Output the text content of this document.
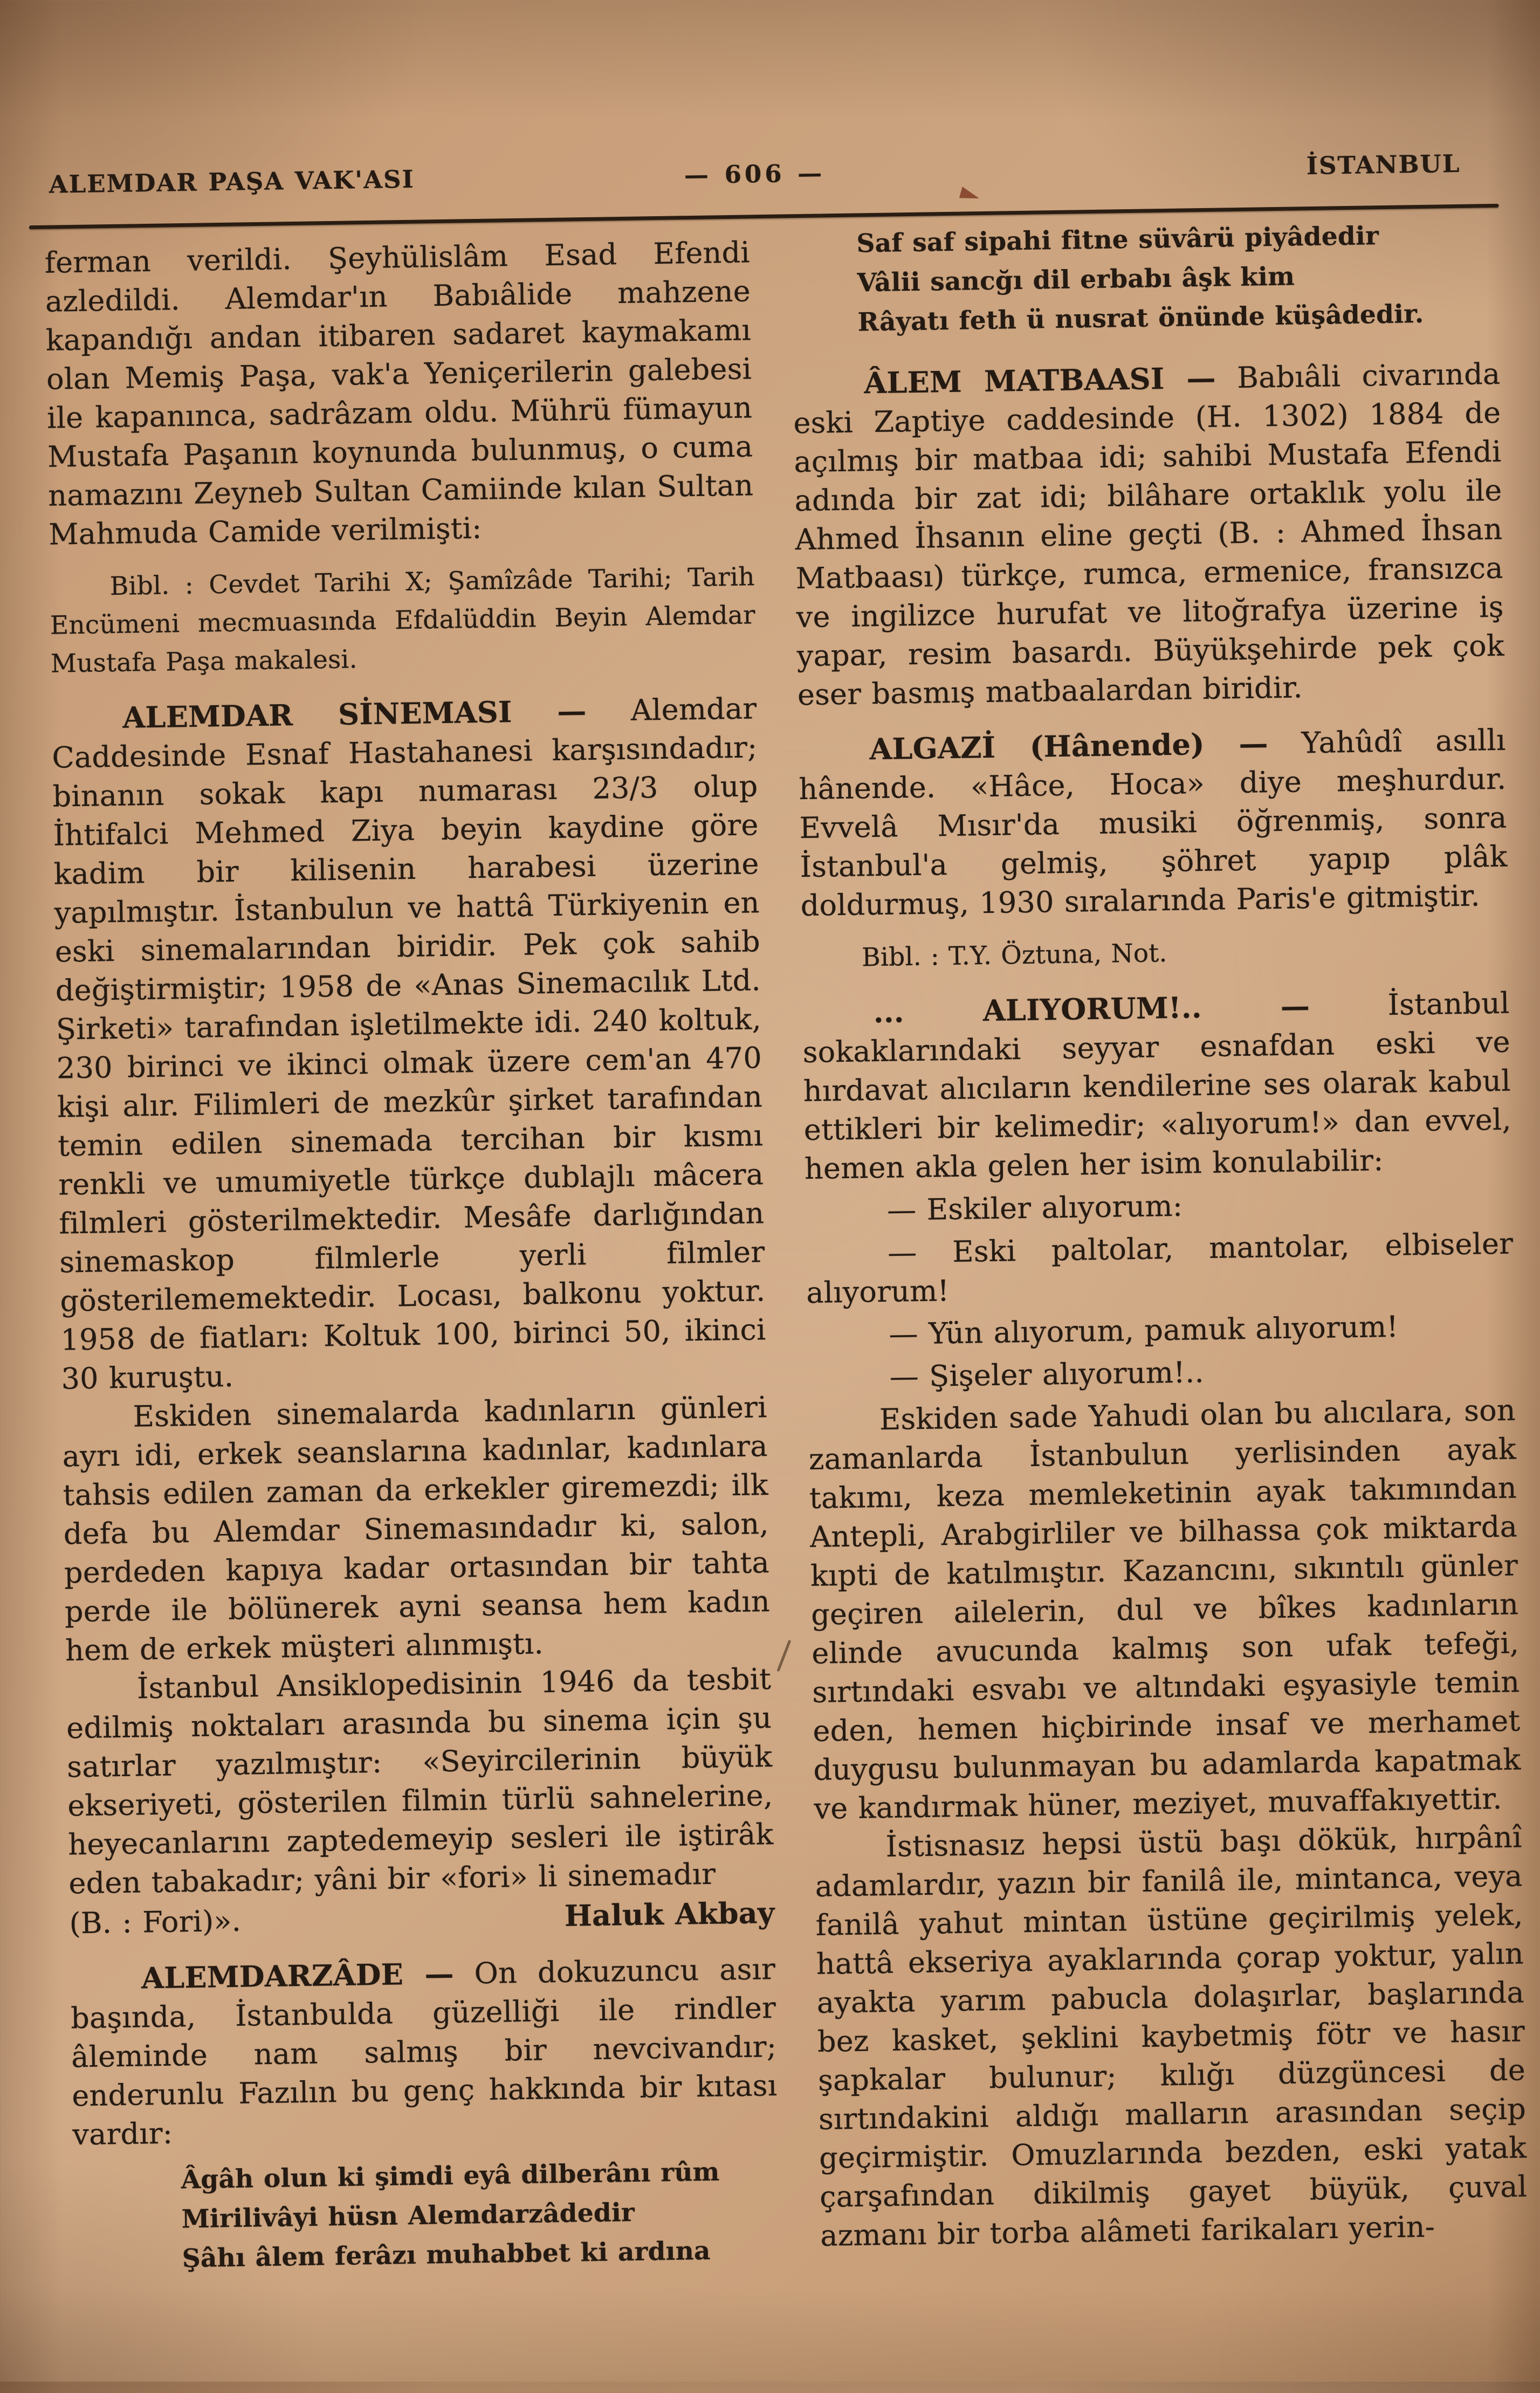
ALEMDAR PAŞA VAK'ASI	— 606 —	İSTANBUL

ferman verildi. Şeyhülislâm Esad Efendi azledildi. Alemdar'ın Babıâlide mahzene kapandığı andan itibaren sadaret kaymakamı olan Memiş Paşa, vak'a Yeniçerilerin galebesi ile kapanınca, sadrâzam oldu. Mührü fümayun Mustafa Paşanın koynunda bulunmuş, o cuma namazını Zeyneb Sultan Camiinde kılan Sultan Mahmuda Camide verilmişti:

Bibl. : Cevdet Tarihi X; Şamîzâde Tarihi; Tarih Encümeni mecmuasında Efdalüddin Beyin Alemdar Mustafa Paşa makalesi.

ALEMDAR SİNEMASI — Alemdar Caddesinde Esnaf Hastahanesi karşısındadır; binanın sokak kapı numarası 23/3 olup İhtifalci Mehmed Ziya beyin kaydine göre kadim bir kilisenin harabesi üzerine yapılmıştır. İstanbulun ve hattâ Türkiyenin en eski sinemalarından biridir. Pek çok sahib değiştirmiştir; 1958 de «Anas Sinemacılık Ltd. Şirketi» tarafından işletilmekte idi. 240 koltuk, 230 birinci ve ikinci olmak üzere cem'an 470 kişi alır. Filimleri de mezkûr şirket tarafından temin edilen sinemada tercihan bir kısmı renkli ve umumiyetle türkçe dublajlı mâcera filmleri gösterilmektedir. Mesâfe darlığından sinemaskop filmlerle yerli filmler gösterilememektedir. Locası, balkonu yoktur. 1958 de fiatları: Koltuk 100, birinci 50, ikinci 30 kuruştu.

Eskiden sinemalarda kadınların günleri ayrı idi, erkek seanslarına kadınlar, kadınlara tahsis edilen zaman da erkekler giremezdi; ilk defa bu Alemdar Sinemasındadır ki, salon, perdeden kapıya kadar ortasından bir tahta perde ile bölünerek ayni seansa hem kadın hem de erkek müşteri alınmıştı.

İstanbul Ansiklopedisinin 1946 da tesbit edilmiş noktaları arasında bu sinema için şu satırlar yazılmıştır: «Seyircilerinin büyük ekseriyeti, gösterilen filmin türlü sahnelerine, heyecanlarını zaptedemeyip sesleri ile iştirâk eden tabakadır; yâni bir «fori» li sinemadır

(B. : Fori)».	Haluk Akbay

ALEMDARZÂDE — On dokuzuncu asır başında, İstanbulda güzelliği ile rindler âleminde nam salmış bir nevcivandır; enderunlu Fazılın bu genç hakkında bir kıtası vardır:

Âgâh olun ki şimdi eyâ dilberânı rûm
Mirilivâyi hüsn Alemdarzâdedir
Şâhı âlem ferâzı muhabbet ki ardına
Saf saf sipahi fitne süvârü piyâdedir
Vâlii sancğı dil erbabı âşk kim
Râyatı feth ü nusrat önünde küşâdedir.

ÂLEM MATBAASI — Babıâli civarında eski Zaptiye caddesinde (H. 1302) 1884 de açılmış bir matbaa idi; sahibi Mustafa Efendi adında bir zat idi; bilâhare ortaklık yolu ile Ahmed İhsanın eline geçti (B. : Ahmed İhsan Matbaası) türkçe, rumca, ermenice, fransızca ve ingilizce hurufat ve litoğrafya üzerine iş yapar, resim basardı. Büyükşehirde pek çok eser basmış matbaalardan biridir.

ALGAZİ (Hânende) — Yahûdî asıllı hânende. «Hâce, Hoca» diye meşhurdur. Evvelâ Mısır'da musiki öğrenmiş, sonra İstanbul'a gelmiş, şöhret yapıp plâk doldurmuş, 1930 sıralarında Paris'e gitmiştir.

Bibl. : T.Y. Öztuna, Not.

... ALIYORUM!.. — İstanbul sokaklarındaki seyyar esnafdan eski ve hırdavat alıcıların kendilerine ses olarak kabul ettikleri bir kelimedir; «alıyorum!» dan evvel, hemen akla gelen her isim konulabilir:

— Eskiler alıyorum:

— Eski paltolar, mantolar, elbiseler alıyorum!

— Yün alıyorum, pamuk alıyorum!

— Şişeler alıyorum!..

Eskiden sade Yahudi olan bu alıcılara, son zamanlarda İstanbulun yerlisinden ayak takımı, keza memleketinin ayak takımından Antepli, Arabgirliler ve bilhassa çok miktarda kıpti de katılmıştır. Kazancını, sıkıntılı günler geçiren ailelerin, dul ve bîkes kadınların elinde avucunda kalmış son ufak tefeği, sırtındaki esvabı ve altındaki eşyasiyle temin eden, hemen hiçbirinde insaf ve merhamet duygusu bulunmayan bu adamlarda kapatmak ve kandırmak hüner, meziyet, muvaffakıyettir.

İstisnasız hepsi üstü başı dökük, hırpânî adamlardır, yazın bir fanilâ ile, mintanca, veya fanilâ yahut mintan üstüne geçirilmiş yelek, hattâ ekseriya ayaklarında çorap yoktur, yalın ayakta yarım pabucla dolaşırlar, başlarında bez kasket, şeklini kaybetmiş fötr ve hasır şapkalar bulunur; kılığı düzgüncesi de sırtındakini aldığı malların arasından seçip geçirmiştir. Omuzlarında bezden, eski yatak çarşafından dikilmiş gayet büyük, çuval azmanı bir torba alâmeti farikaları yerin-
